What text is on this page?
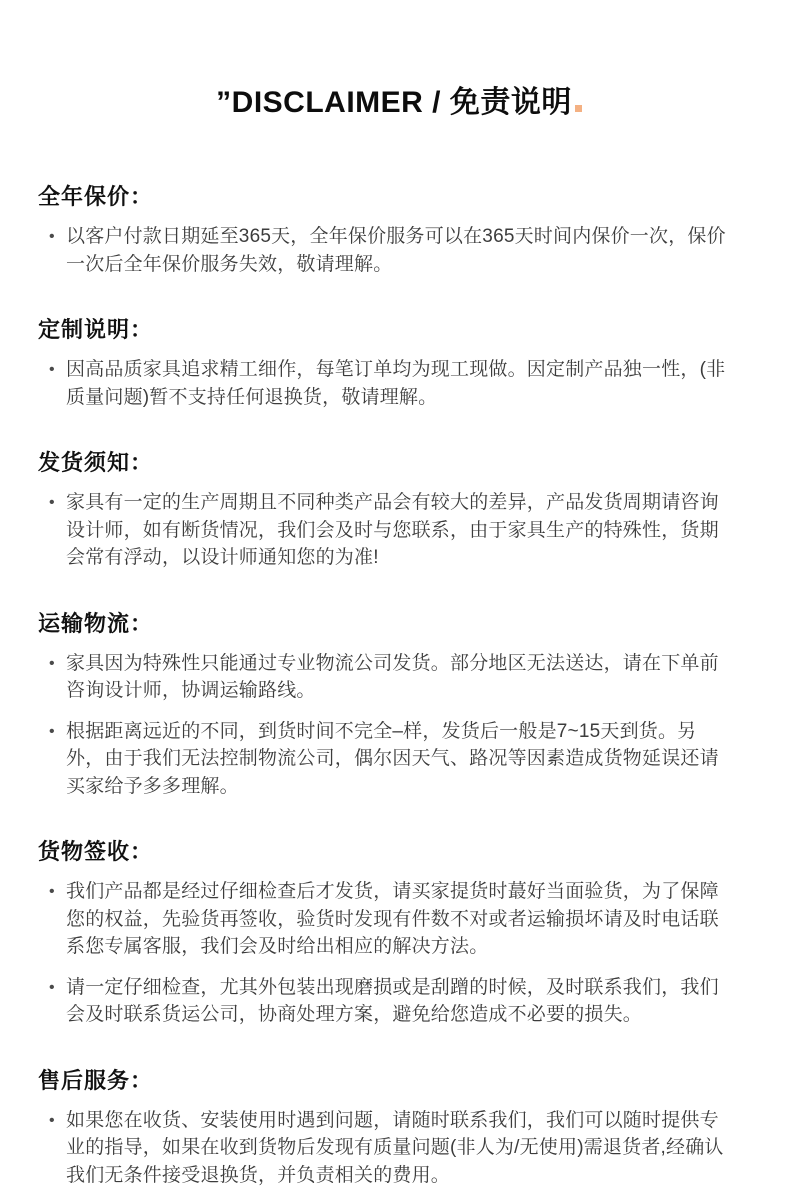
”DISCLAIMER / 免责说明
全年保价：
• 以客户付款日期延至365天，全年保价服务可以在365天时间内保价一次，保价一次后全年保价服务失效，敬请理解。

定制说明：
• 因高品质家具追求精工细作，每笔订单均为现工现做。因定制产品独一性，(非质量问题)暂不支持任何退换货，敬请理解。

发货须知：
• 家具有一定的生产周期且不同种类产品会有较大的差异，产品发货周期请咨询设计师，如有断货情况，我们会及时与您联系，由于家具生产的特殊性，货期会常有浮动，以设计师通知您的为准!

运输物流：
• 家具因为特殊性只能通过专业物流公司发货。部分地区无法送达，请在下单前咨询设计师，协调运输路线。

• 根据距离远近的不同，到货时间不完全–样，发货后一般是7~15天到货。另外，由于我们无法控制物流公司，偶尔因天气、路况等因素造成货物延误还请买家给予多多理解。

货物签收：
• 我们产品都是经过仔细检查后才发货，请买家提货时蕞好当面验货，为了保障您的权益，先验货再签收，验货时发现有件数不对或者运输损坏请及时电话联系您专属客服，我们会及时给出相应的解决方法。

• 请一定仔细检查，尤其外包装出现磨损或是刮蹭的时候，及时联系我们，我们会及时联系货运公司，协商处理方案，避免给您造成不必要的损失。

售后服务：
• 如果您在收货、安装使用时遇到问题，请随时联系我们，我们可以随时提供专业的指导，如果在收到货物后发现有质量问题(非人为/无使用)需退货者,经确认我们无条件接受退换货，并负责相关的费用。
